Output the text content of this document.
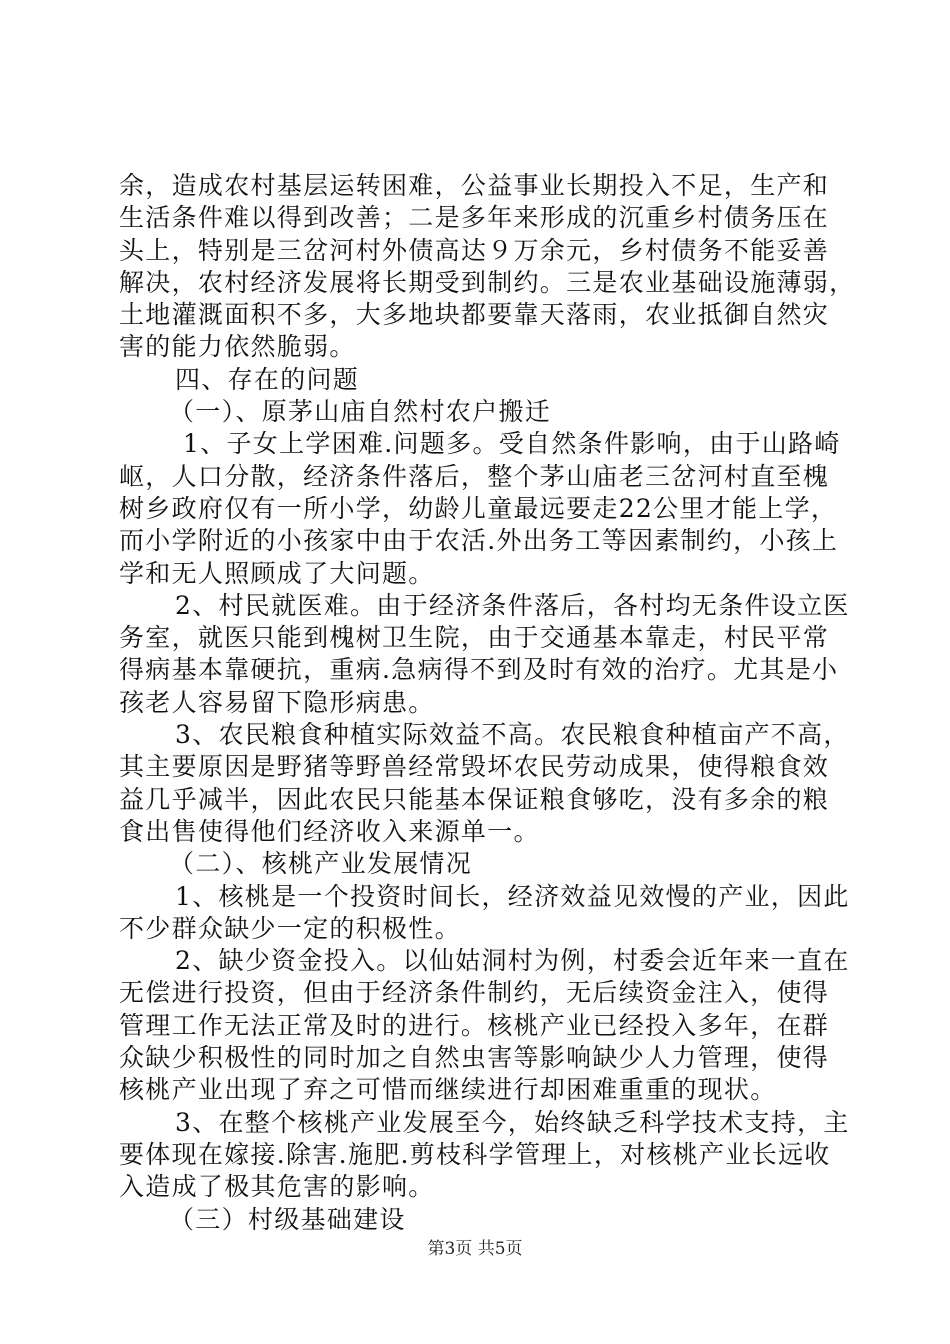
余，造成农村基层运转困难，公益事业长期投入不足，生产和
生活条件难以得到改善；二是多年来形成的沉重乡村债务压在
头上，特别是三岔河村外债高达９万余元，乡村债务不能妥善
解决，农村经济发展将长期受到制约。三是农业基础设施薄弱，
土地灌溉面积不多，大多地块都要靠天落雨，农业抵御自然灾
害的能力依然脆弱。
四、存在的问题
（一）、原茅山庙自然村农户搬迁
1、子女上学困难.问题多。受自然条件影响，由于山路崎
岖，人口分散，经济条件落后，整个茅山庙老三岔河村直至槐
树乡政府仅有一所小学，幼龄儿童最远要走22公里才能上学，
而小学附近的小孩家中由于农活.外出务工等因素制约，小孩上
学和无人照顾成了大问题。
2、村民就医难。由于经济条件落后，各村均无条件设立医
务室，就医只能到槐树卫生院，由于交通基本靠走，村民平常
得病基本靠硬抗，重病.急病得不到及时有效的治疗。尤其是小
孩老人容易留下隐形病患。
3、农民粮食种植实际效益不高。农民粮食种植亩产不高，
其主要原因是野猪等野兽经常毁坏农民劳动成果，使得粮食效
益几乎减半，因此农民只能基本保证粮食够吃，没有多余的粮
食出售使得他们经济收入来源单一。
（二）、核桃产业发展情况
1、核桃是一个投资时间长，经济效益见效慢的产业，因此
不少群众缺少一定的积极性。
2、缺少资金投入。以仙姑洞村为例，村委会近年来一直在
无偿进行投资，但由于经济条件制约，无后续资金注入，使得
管理工作无法正常及时的进行。核桃产业已经投入多年，在群
众缺少积极性的同时加之自然虫害等影响缺少人力管理，使得
核桃产业出现了弃之可惜而继续进行却困难重重的现状。
3、在整个核桃产业发展至今，始终缺乏科学技术支持，主
要体现在嫁接.除害.施肥.剪枝科学管理上，对核桃产业长远收
入造成了极其危害的影响。
（三）村级基础建设
第3页 共5页
